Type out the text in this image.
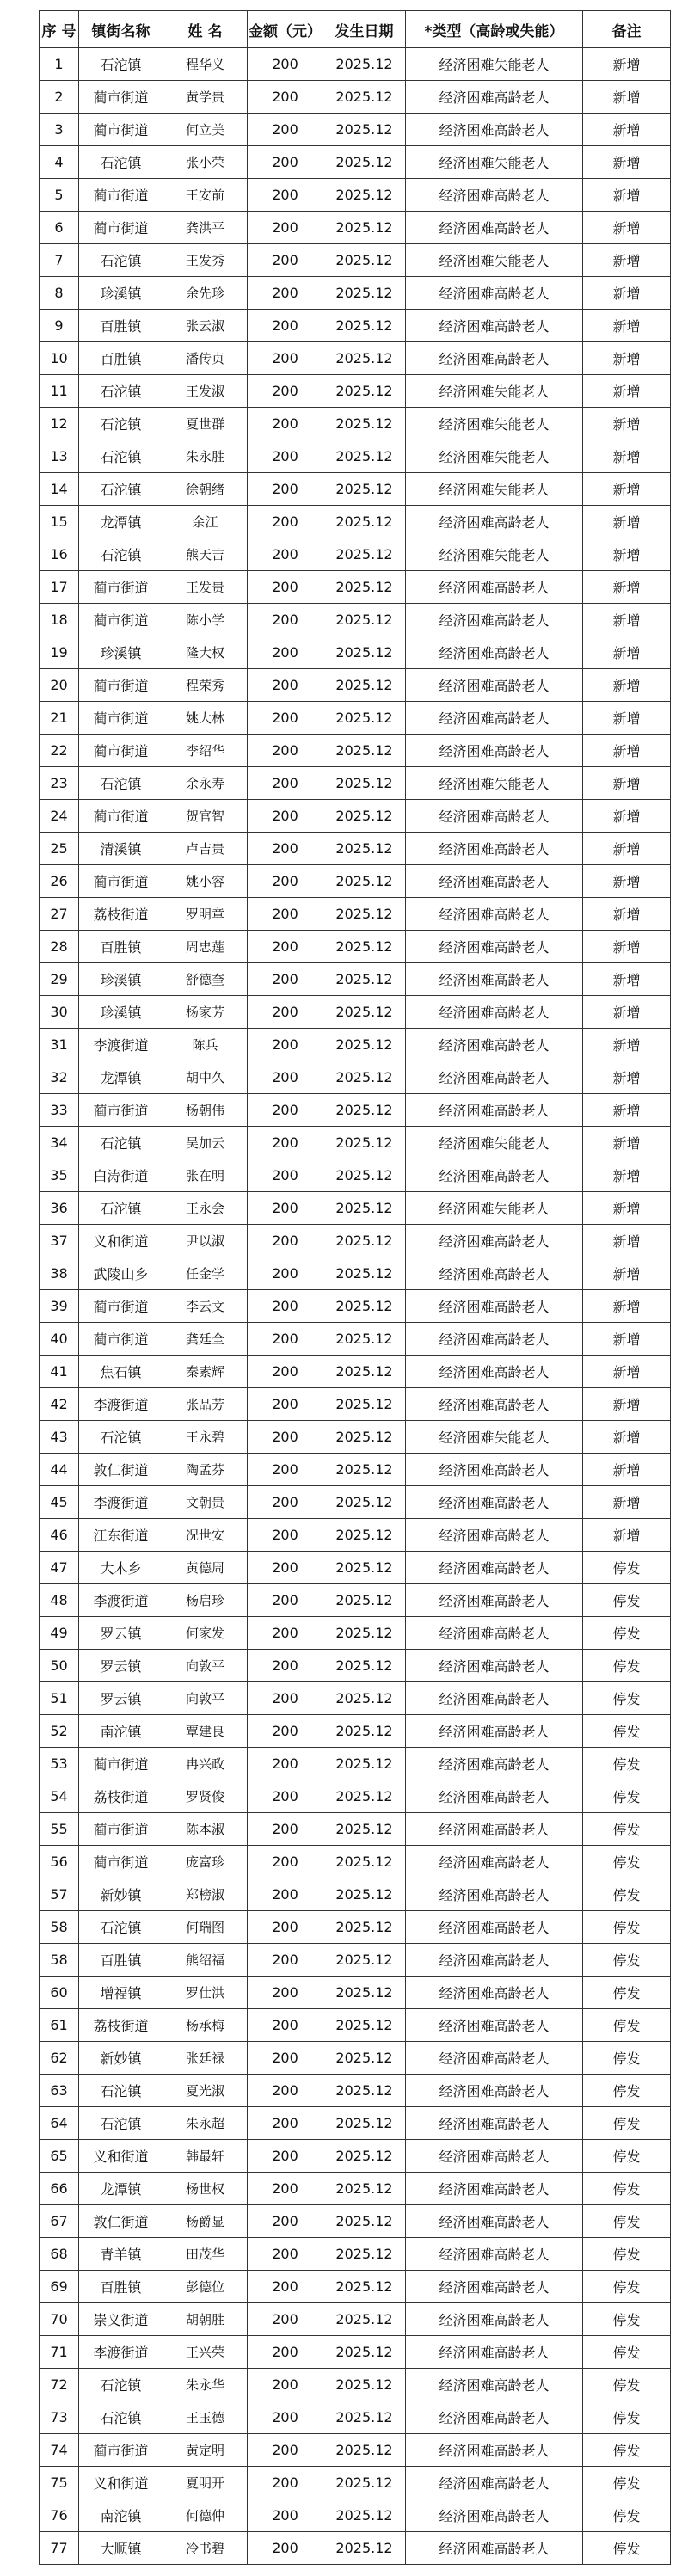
序 号	镇街名称	姓 名	金额（元）	发生日期	*类型（高龄或失能）	备注
1	石沱镇	程华义	200	2025.12	经济困难失能老人	新增
2	蔺市街道	黄学贵	200	2025.12	经济困难高龄老人	新增
3	蔺市街道	何立美	200	2025.12	经济困难高龄老人	新增
4	石沱镇	张小荣	200	2025.12	经济困难失能老人	新增
5	蔺市街道	王安前	200	2025.12	经济困难高龄老人	新增
6	蔺市街道	龚洪平	200	2025.12	经济困难高龄老人	新增
7	石沱镇	王发秀	200	2025.12	经济困难失能老人	新增
8	珍溪镇	余先珍	200	2025.12	经济困难高龄老人	新增
9	百胜镇	张云淑	200	2025.12	经济困难高龄老人	新增
10	百胜镇	潘传贞	200	2025.12	经济困难高龄老人	新增
11	石沱镇	王发淑	200	2025.12	经济困难失能老人	新增
12	石沱镇	夏世群	200	2025.12	经济困难失能老人	新增
13	石沱镇	朱永胜	200	2025.12	经济困难失能老人	新增
14	石沱镇	徐朝绪	200	2025.12	经济困难失能老人	新增
15	龙潭镇	余江	200	2025.12	经济困难高龄老人	新增
16	石沱镇	熊天吉	200	2025.12	经济困难失能老人	新增
17	蔺市街道	王发贵	200	2025.12	经济困难高龄老人	新增
18	蔺市街道	陈小学	200	2025.12	经济困难高龄老人	新增
19	珍溪镇	隆大权	200	2025.12	经济困难高龄老人	新增
20	蔺市街道	程荣秀	200	2025.12	经济困难高龄老人	新增
21	蔺市街道	姚大林	200	2025.12	经济困难高龄老人	新增
22	蔺市街道	李绍华	200	2025.12	经济困难高龄老人	新增
23	石沱镇	余永寿	200	2025.12	经济困难失能老人	新增
24	蔺市街道	贺官智	200	2025.12	经济困难高龄老人	新增
25	清溪镇	卢吉贵	200	2025.12	经济困难高龄老人	新增
26	蔺市街道	姚小容	200	2025.12	经济困难高龄老人	新增
27	荔枝街道	罗明章	200	2025.12	经济困难高龄老人	新增
28	百胜镇	周忠莲	200	2025.12	经济困难高龄老人	新增
29	珍溪镇	舒德奎	200	2025.12	经济困难高龄老人	新增
30	珍溪镇	杨家芳	200	2025.12	经济困难高龄老人	新增
31	李渡街道	陈兵	200	2025.12	经济困难高龄老人	新增
32	龙潭镇	胡中久	200	2025.12	经济困难高龄老人	新增
33	蔺市街道	杨朝伟	200	2025.12	经济困难高龄老人	新增
34	石沱镇	吴加云	200	2025.12	经济困难失能老人	新增
35	白涛街道	张在明	200	2025.12	经济困难高龄老人	新增
36	石沱镇	王永会	200	2025.12	经济困难失能老人	新增
37	义和街道	尹以淑	200	2025.12	经济困难高龄老人	新增
38	武陵山乡	任金学	200	2025.12	经济困难高龄老人	新增
39	蔺市街道	李云文	200	2025.12	经济困难高龄老人	新增
40	蔺市街道	龚廷全	200	2025.12	经济困难高龄老人	新增
41	焦石镇	秦素辉	200	2025.12	经济困难高龄老人	新增
42	李渡街道	张品芳	200	2025.12	经济困难高龄老人	新增
43	石沱镇	王永碧	200	2025.12	经济困难失能老人	新增
44	敦仁街道	陶孟芬	200	2025.12	经济困难高龄老人	新增
45	李渡街道	文朝贵	200	2025.12	经济困难高龄老人	新增
46	江东街道	况世安	200	2025.12	经济困难高龄老人	新增
47	大木乡	黄德周	200	2025.12	经济困难高龄老人	停发
48	李渡街道	杨启珍	200	2025.12	经济困难高龄老人	停发
49	罗云镇	何家发	200	2025.12	经济困难高龄老人	停发
50	罗云镇	向敦平	200	2025.12	经济困难高龄老人	停发
51	罗云镇	向敦平	200	2025.12	经济困难高龄老人	停发
52	南沱镇	覃建良	200	2025.12	经济困难高龄老人	停发
53	蔺市街道	冉兴政	200	2025.12	经济困难高龄老人	停发
54	荔枝街道	罗贤俊	200	2025.12	经济困难高龄老人	停发
55	蔺市街道	陈本淑	200	2025.12	经济困难高龄老人	停发
56	蔺市街道	庞富珍	200	2025.12	经济困难高龄老人	停发
57	新妙镇	郑榜淑	200	2025.12	经济困难高龄老人	停发
58	石沱镇	何瑞图	200	2025.12	经济困难高龄老人	停发
58	百胜镇	熊绍福	200	2025.12	经济困难高龄老人	停发
60	增福镇	罗仕洪	200	2025.12	经济困难高龄老人	停发
61	荔枝街道	杨承梅	200	2025.12	经济困难高龄老人	停发
62	新妙镇	张廷禄	200	2025.12	经济困难高龄老人	停发
63	石沱镇	夏光淑	200	2025.12	经济困难高龄老人	停发
64	石沱镇	朱永超	200	2025.12	经济困难高龄老人	停发
65	义和街道	韩最轩	200	2025.12	经济困难高龄老人	停发
66	龙潭镇	杨世权	200	2025.12	经济困难高龄老人	停发
67	敦仁街道	杨爵显	200	2025.12	经济困难高龄老人	停发
68	青羊镇	田茂华	200	2025.12	经济困难高龄老人	停发
69	百胜镇	彭德位	200	2025.12	经济困难高龄老人	停发
70	崇义街道	胡朝胜	200	2025.12	经济困难高龄老人	停发
71	李渡街道	王兴荣	200	2025.12	经济困难高龄老人	停发
72	石沱镇	朱永华	200	2025.12	经济困难高龄老人	停发
73	石沱镇	王玉德	200	2025.12	经济困难高龄老人	停发
74	蔺市街道	黄定明	200	2025.12	经济困难高龄老人	停发
75	义和街道	夏明开	200	2025.12	经济困难高龄老人	停发
76	南沱镇	何德仲	200	2025.12	经济困难高龄老人	停发
77	大顺镇	冷书碧	200	2025.12	经济困难高龄老人	停发
